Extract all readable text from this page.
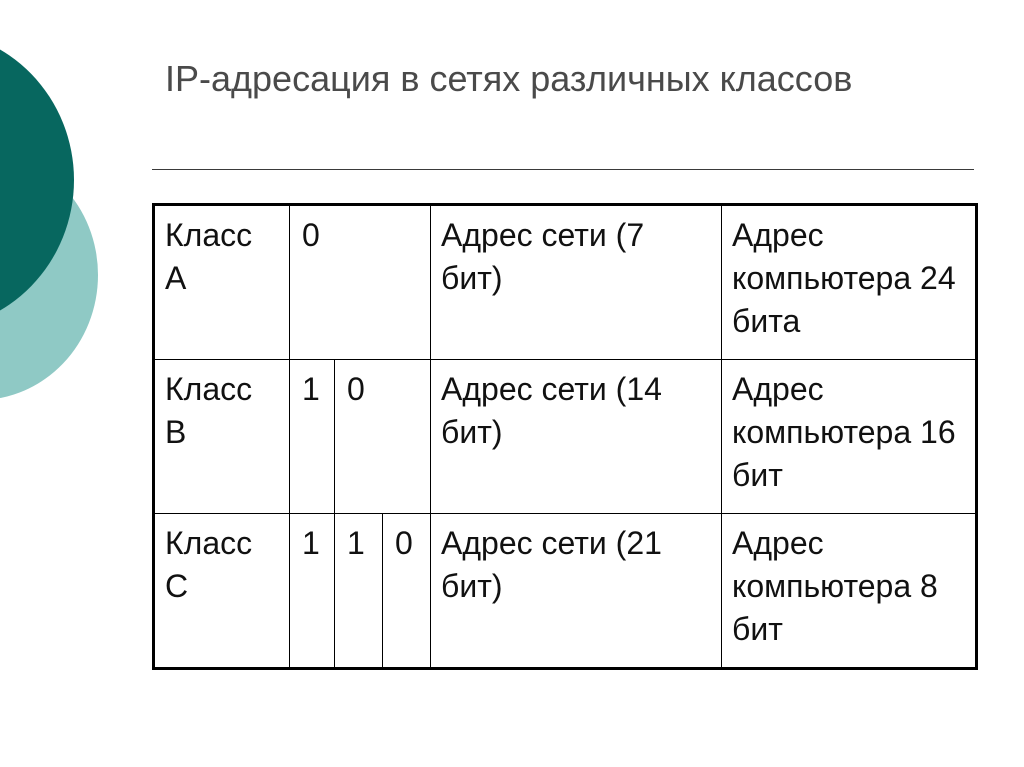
IP-адресация в сетях различных классов
Класс А	0			Адрес сети (7 бит)	Адрес компьютера 24 бита
Класс В	1	0		Адрес сети (14 бит)	Адрес компьютера 16 бит
Класс С	1	1	0	Адрес сети (21 бит)	Адрес компьютера 8 бит
